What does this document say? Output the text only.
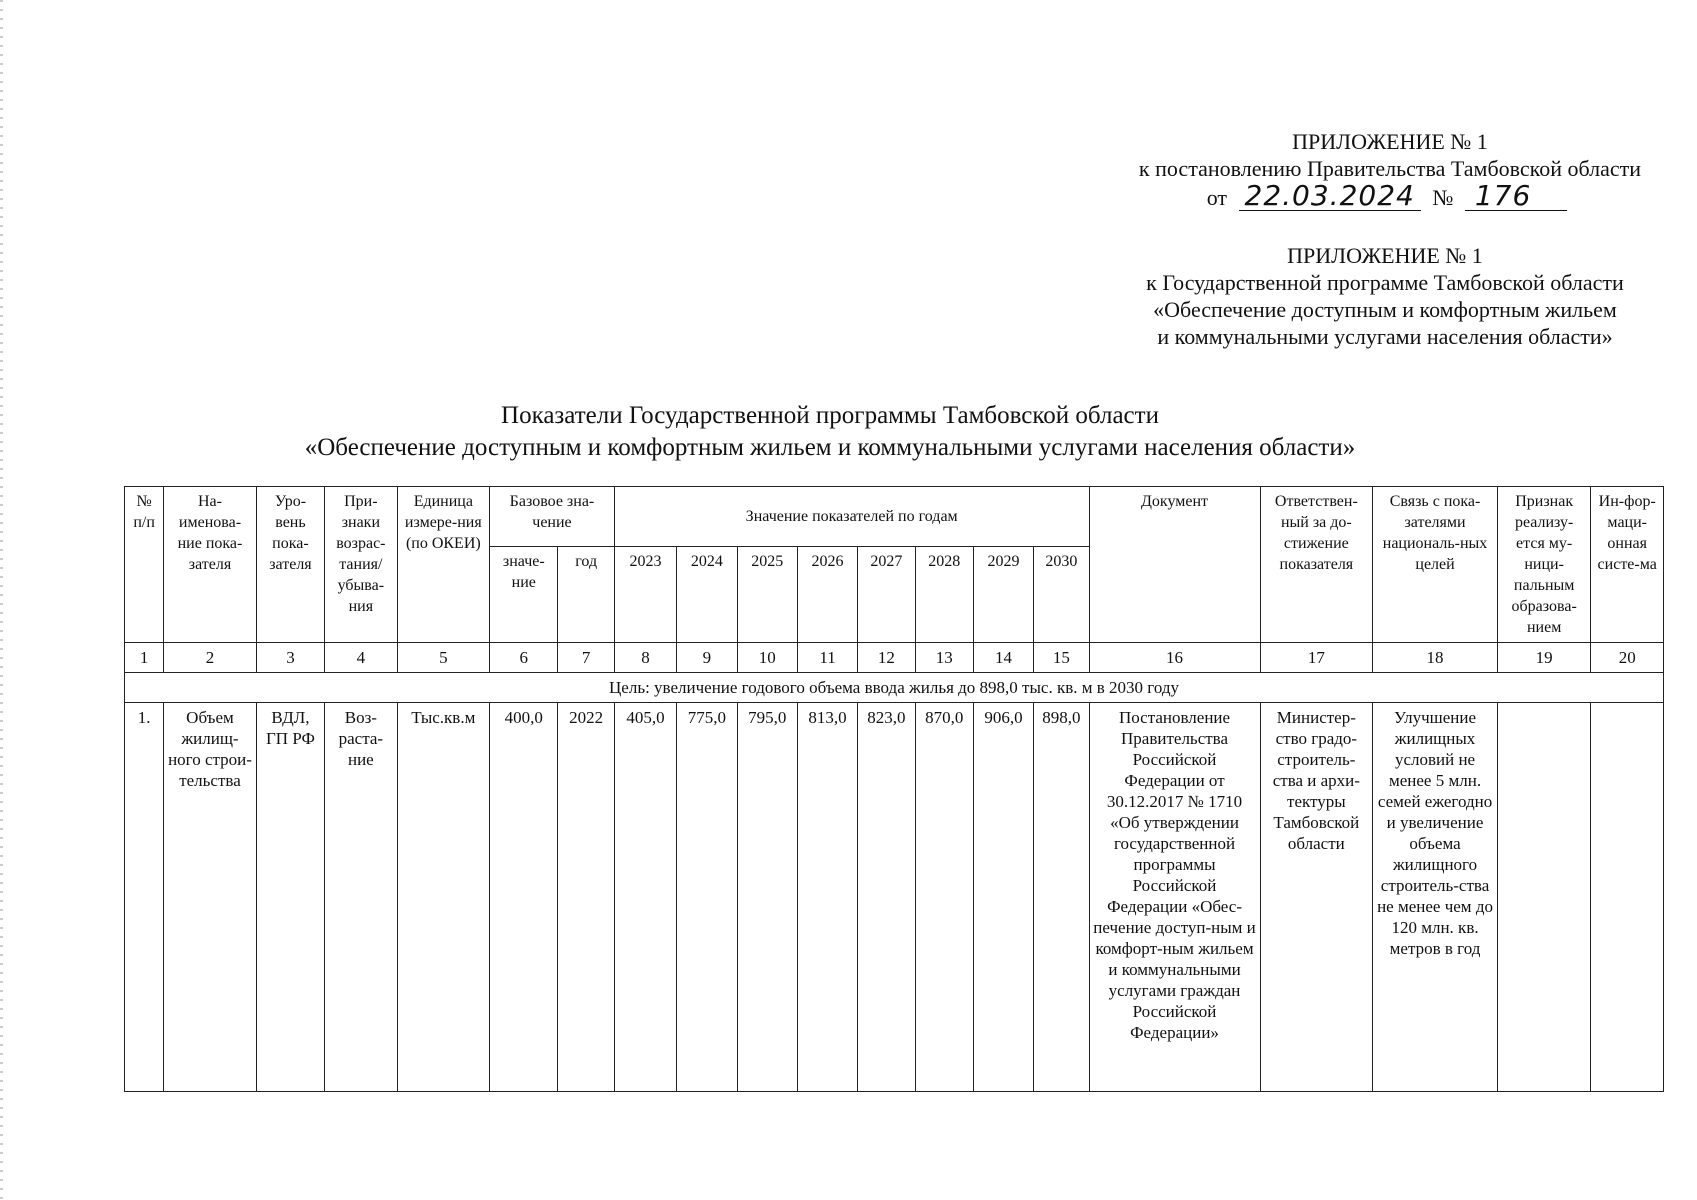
ПРИЛОЖЕНИЕ № 1
к постановлению Правительства Тамбовской области
от 22.03.2024 № 176
ПРИЛОЖЕНИЕ № 1
к Государственной программе Тамбовской области
«Обеспечение доступным и комфортным жильем
и коммунальными услугами населения области»
Показатели Государственной программы Тамбовской области
«Обеспечение доступным и комфортным жильем и коммунальными услугами населения области»
№ п/п	На-именова-ние пока-зателя	Уро-вень пока-зателя	При-знаки возрас-тания/ убыва-ния	Единица измере-ния (по ОКЕИ)	Базовое зна-чение		Значение показателей по годам								Документ	Ответствен-ный за до-стижение показателя	Связь с пока-зателями националь-ных целей	Признак реализу-ется му-ници-пальным образова-нием	Ин-фор-маци-онная систе-ма
					значе-ние	год	2023	2024	2025	2026	2027	2028	2029	2030					
1	2	3	4	5	6	7	8	9	10	11	12	13	14	15	16	17	18	19	20
Цель: увеличение годового объема ввода жилья до 898,0 тыс. кв. м в 2030 году																			
1.	Объем жилищ-ного строи-тельства	ВДЛ, ГП РФ	Воз-раста-ние	Тыс.кв.м	400,0	2022	405,0	775,0	795,0	813,0	823,0	870,0	906,0	898,0	Постановление Правительства Российской Федерации от 30.12.2017 № 1710 «Об утверждении государственной программы Российской Федерации «Обес-печение доступ-ным и комфорт-ным жильем и коммунальными услугами граждан Российской Федерации»	Министер-ство градо-строитель-ства и архи-тектуры Тамбовской области	Улучшение жилищных условий не менее 5 млн. семей ежегодно и увеличение объема жилищного строитель-ства не менее чем до 120 млн. кв. метров в год		
